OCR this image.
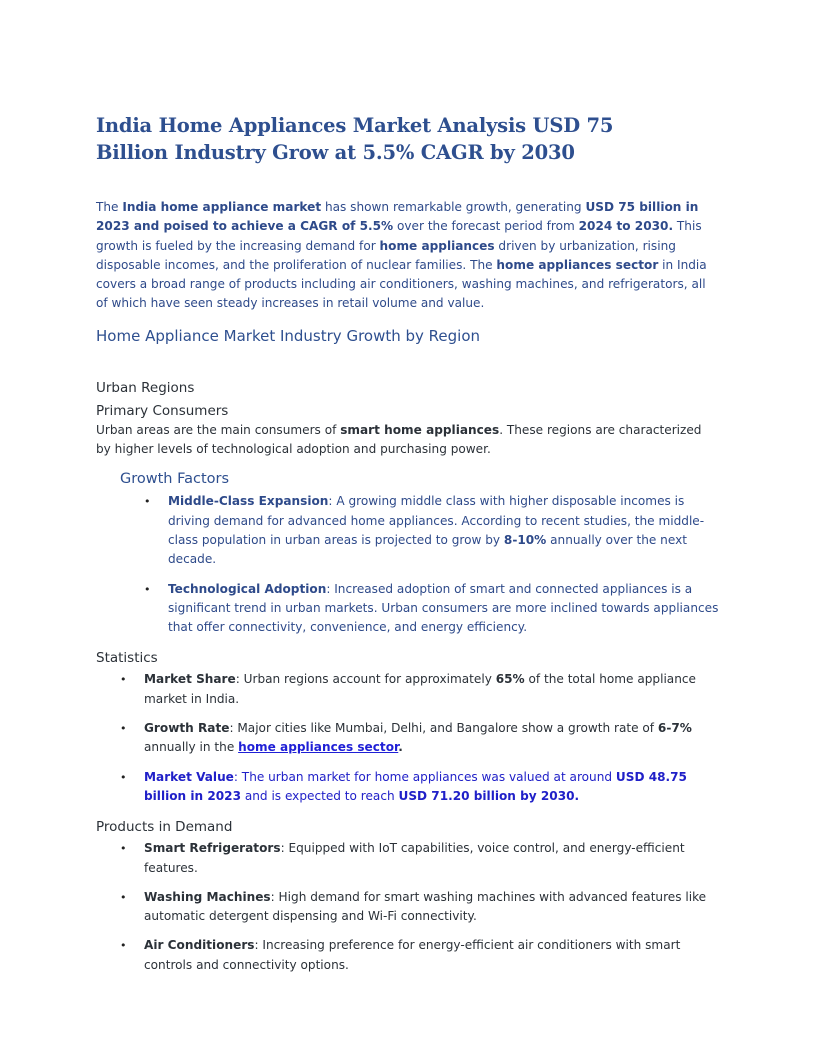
India Home Appliances Market Analysis USD 75
Billion Industry Grow at 5.5% CAGR by 2030

The India home appliance market has shown remarkable growth, generating USD 75 billion in 2023 and poised to achieve a CAGR of 5.5% over the forecast period from 2024 to 2030. This growth is fueled by the increasing demand for home appliances driven by urbanization, rising disposable incomes, and the proliferation of nuclear families. The home appliances sector in India covers a broad range of products including air conditioners, washing machines, and refrigerators, all of which have seen steady increases in retail volume and value.

Home Appliance Market Industry Growth by Region
Urban Regions
Primary Consumers

Urban areas are the main consumers of smart home appliances. These regions are characterized by higher levels of technological adoption and purchasing power.

Growth Factors
• Middle-Class Expansion: A growing middle class with higher disposable incomes is driving demand for advanced home appliances. According to recent studies, the middle-class population in urban areas is projected to grow by 8-10% annually over the next decade.
• Technological Adoption: Increased adoption of smart and connected appliances is a significant trend in urban markets. Urban consumers are more inclined towards appliances that offer connectivity, convenience, and energy efficiency.
Statistics
• Market Share: Urban regions account for approximately 65% of the total home appliance market in India.
• Growth Rate: Major cities like Mumbai, Delhi, and Bangalore show a growth rate of 6-7% annually in the home appliances sector.
• Market Value: The urban market for home appliances was valued at around USD 48.75 billion in 2023 and is expected to reach USD 71.20 billion by 2030.
Products in Demand
• Smart Refrigerators: Equipped with IoT capabilities, voice control, and energy-efficient features.
• Washing Machines: High demand for smart washing machines with advanced features like automatic detergent dispensing and Wi-Fi connectivity.
• Air Conditioners: Increasing preference for energy-efficient air conditioners with smart controls and connectivity options.
